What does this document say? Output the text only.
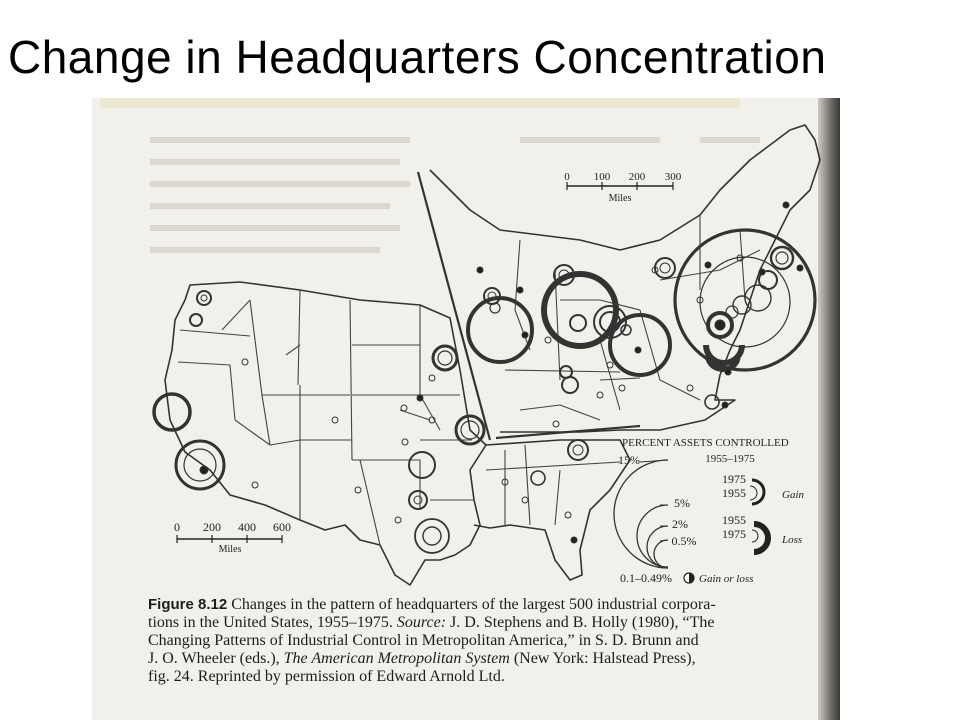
Change in Headquarters Concentration
0 100 200 300
Miles
0 200 400 600
Miles
PERCENT ASSETS CONTROLLED
1955–1975
15%
5%
2%
0.5%
1975
1955	Gain
1955
1975	Loss
0.1–0.49% Gain or loss

Figure 8.12 Changes in the pattern of headquarters of the largest 500 industrial corpora-

tions in the United States, 1955–1975. Source: J. D. Stephens and B. Holly (1980), “The

Changing Patterns of Industrial Control in Metropolitan America,” in S. D. Brunn and

J. O. Wheeler (eds.), The American Metropolitan System (New York: Halstead Press),

fig. 24. Reprinted by permission of Edward Arnold Ltd.
